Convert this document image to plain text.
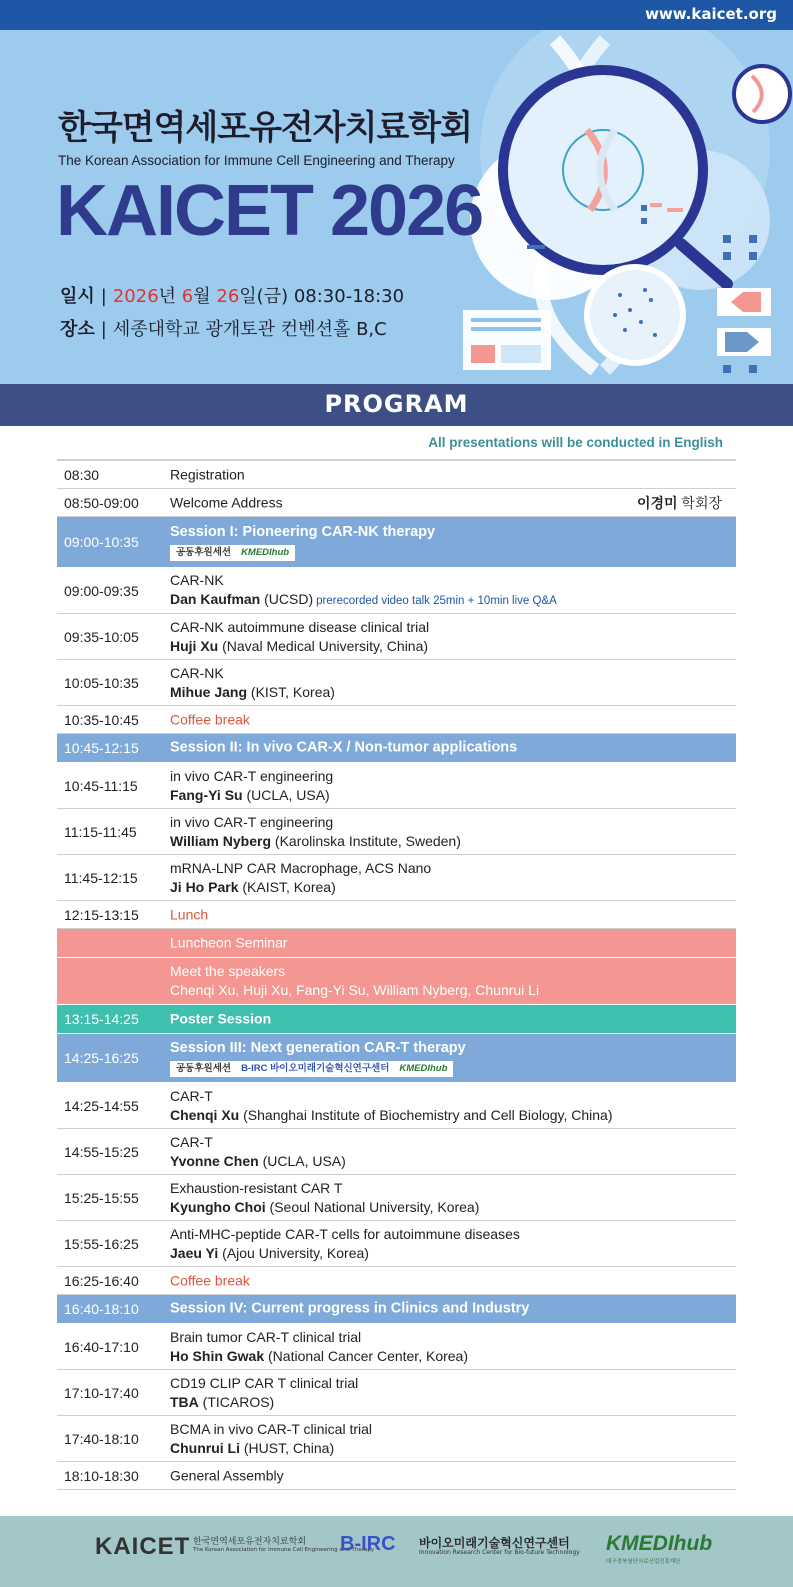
www.kaicet.org
한국면역세포유전자치료학회
The Korean Association for Immune Cell Engineering and Therapy
KAICET 2026
일시 | 2026년 6월 26일(금) 08:30-18:30
장소 | 세종대학교 광개토관 컨벤션홀 B,C
PROGRAM
All presentations will be conducted in English
08:30	Registration
08:50-09:00 Welcome Address	이경미 학회장
09:00-10:35
Session I: Pioneering CAR-NK therapy
공동후원세션 KMEDIhub
09:00-09:35
CAR-NK
Dan Kaufman (UCSD) prerecorded video talk 25min + 10min live Q&A
09:35-10:05
CAR-NK autoimmune disease clinical trial
Huji Xu (Naval Medical University, China)
10:05-10:35
CAR-NK
Mihue Jang (KIST, Korea)
10:35-10:45 Coffee break
10:45-12:15 Session II: In vivo CAR-X / Non-tumor applications
10:45-11:15
in vivo CAR-T engineering
Fang-Yi Su (UCLA, USA)
11:15-11:45
in vivo CAR-T engineering
William Nyberg (Karolinska Institute, Sweden)
11:45-12:15
mRNA-LNP CAR Macrophage, ACS Nano
Ji Ho Park (KAIST, Korea)
12:15-13:15 Lunch
Luncheon Seminar
Meet the speakers
Chenqi Xu, Huji Xu, Fang-Yi Su, William Nyberg, Chunrui Li
13:15-14:25 Poster Session
14:25-16:25
Session III: Next generation CAR-T therapy
공동후원세션 B-IRC 바이오미래기술혁신연구센터 KMEDIhub
14:25-14:55
CAR-T
Chenqi Xu (Shanghai Institute of Biochemistry and Cell Biology, China)
14:55-15:25
CAR-T
Yvonne Chen (UCLA, USA)
15:25-15:55
Exhaustion-resistant CAR T
Kyungho Choi (Seoul National University, Korea)
15:55-16:25
Anti-MHC-peptide CAR-T cells for autoimmune diseases
Jaeu Yi (Ajou University, Korea)
16:25-16:40 Coffee break
16:40-18:10 Session IV: Current progress in Clinics and Industry
16:40-17:10
Brain tumor CAR-T clinical trial
Ho Shin Gwak (National Cancer Center, Korea)
17:10-17:40
CD19 CLIP CAR T clinical trial
TBA (TICAROS)
17:40-18:10
BCMA in vivo CAR-T clinical trial
Chunrui Li (HUST, China)
18:10-18:30 General Assembly
KAICET 한국면역세포유전자치료학회
The Korean Association for Immune Cell Engineering and Therapy
B-IRC 바이오미래기술혁신연구센터
Innovation Research Center for Bio-future Technology KMEDIhub
대구경북첨단의료산업진흥재단
